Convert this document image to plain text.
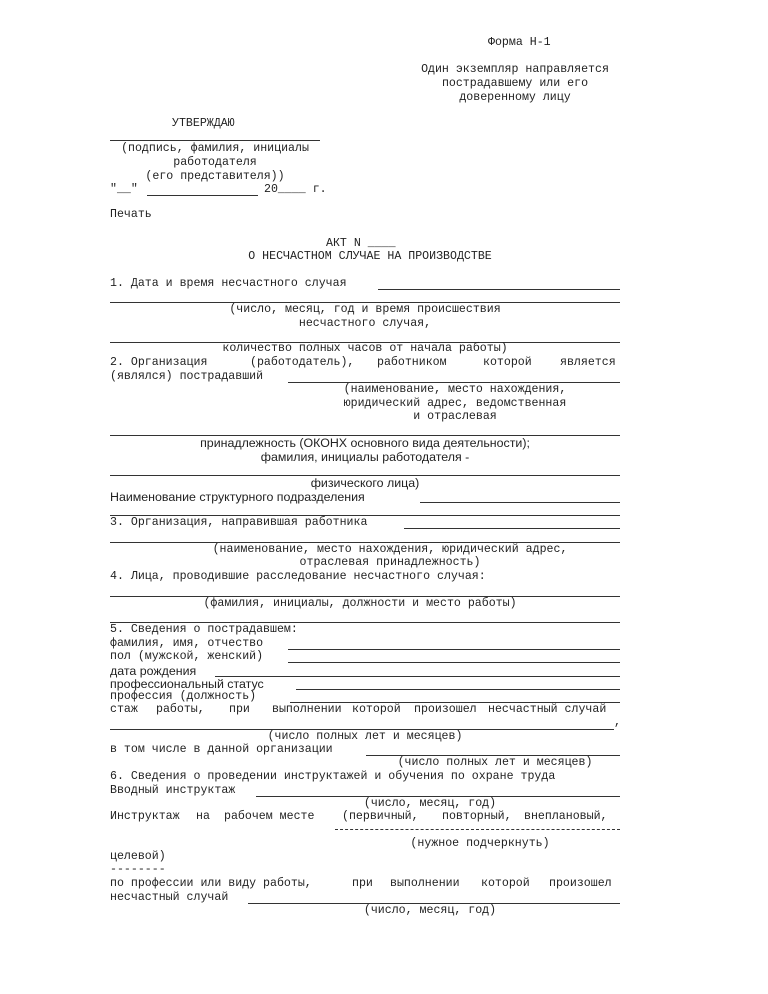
Форма Н-1
Один экземпляр направляется
пострадавшему или его
доверенному лицу
УТВЕРЖДАЮ
(подпись, фамилия, инициалы
работодателя
(его представителя))
"__"	20____ г.
Печать
АКТ N ____
О НЕСЧАСТНОМ СЛУЧАЕ НА ПРОИЗВОДСТВЕ
1. Дата и время несчастного случая
(число, месяц, год и время происшествия
несчастного случая,
количество полных часов от начала работы)
2. Организация	(работодатель), работником	которой является
(являлся) пострадавший
(наименование, место нахождения,
юридический адрес, ведомственная
и отраслевая
принадлежность (ОКОНХ основного вида деятельности);
фамилия, инициалы работодателя -
физического лица)
Наименование структурного подразделения
3. Организация, направившая работника
(наименование, место нахождения, юридический адрес,
отраслевая принадлежность)
4. Лица, проводившие расследование несчастного случая:
(фамилия, инициалы, должности и место работы)
5. Сведения о пострадавшем:
фамилия, имя, отчество
пол (мужской, женский)
дата рождения
профессиональный статус
профессия (должность)
стаж работы, при выполнении которой произошел несчастный случай
,
(число полных лет и месяцев)
в том числе в данной организации
(число полных лет и месяцев)
6. Сведения о проведении инструктажей и обучения по охране труда
Вводный инструктаж
(число, месяц, год)
Инструктаж на рабочем месте (первичный, повторный, внеплановый,
(нужное подчеркнуть)
целевой)
--------
по профессии или виду работы,	при выполнении которой произошел
несчастный случай
(число, месяц, год)
